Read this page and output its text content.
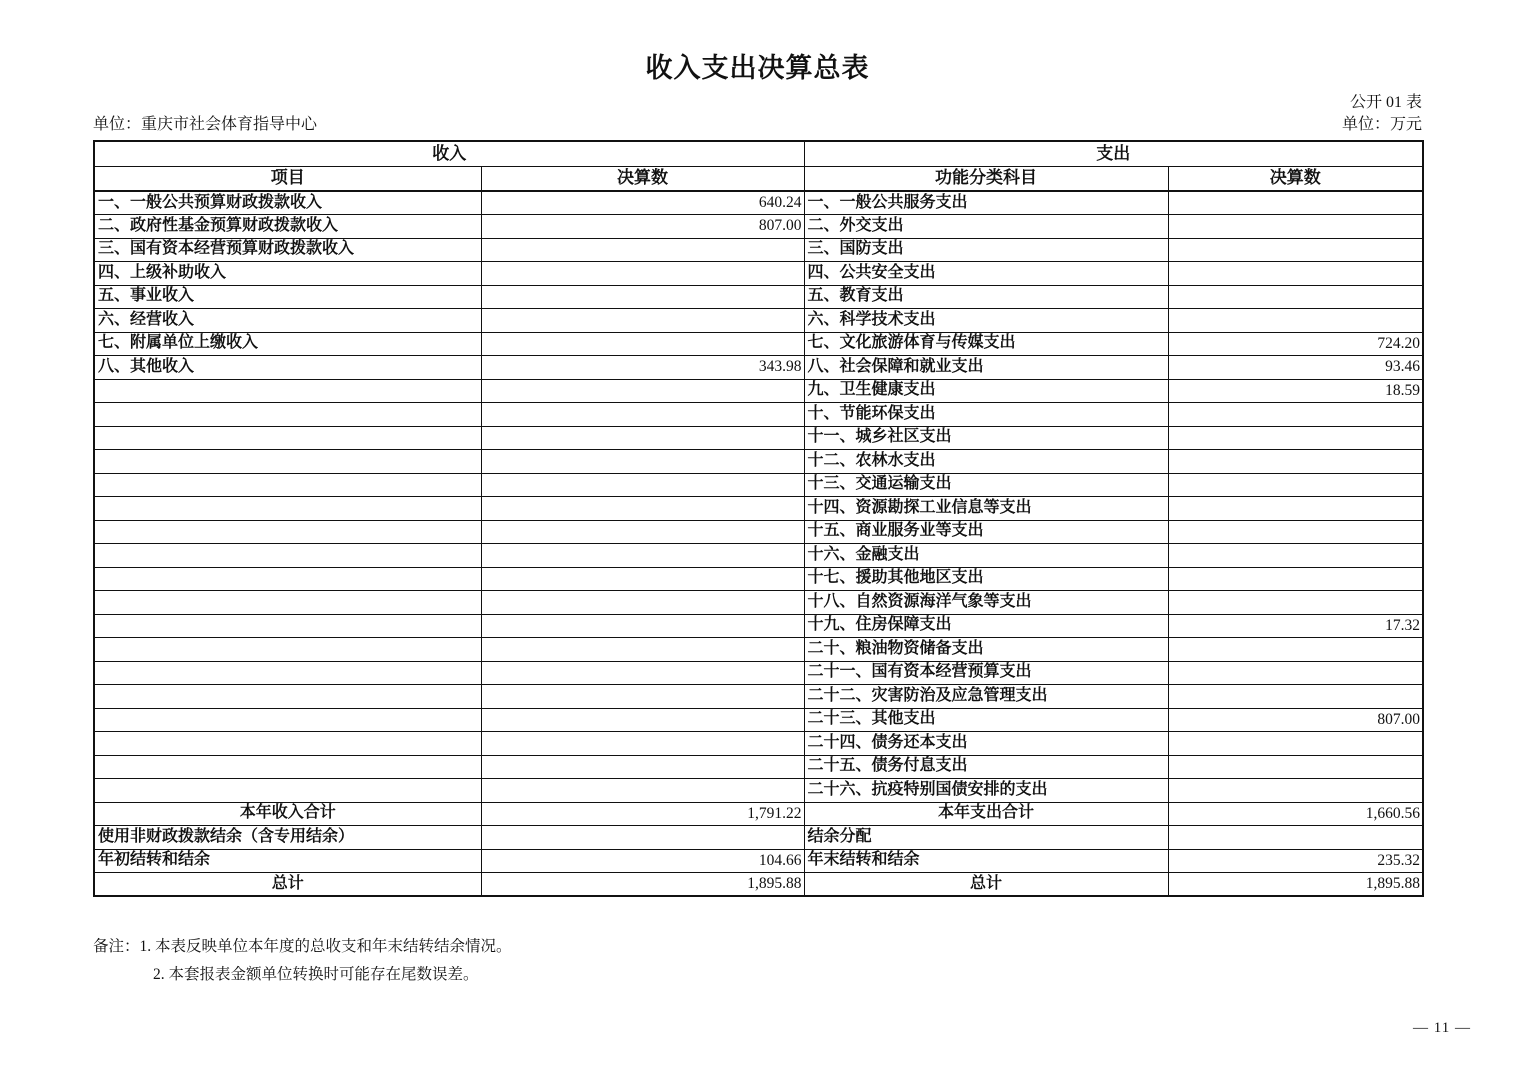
收入支出决算总表
公开 01 表
单位：重庆市社会体育指导中心	单位：万元
收入		支出	
项目	决算数	功能分类科目	决算数
一、一般公共预算财政拨款收入	640.24	一、一般公共服务支出	
二、政府性基金预算财政拨款收入	807.00	二、外交支出	
三、国有资本经营预算财政拨款收入		三、国防支出	
四、上级补助收入		四、公共安全支出	
五、事业收入		五、教育支出	
六、经营收入		六、科学技术支出	
七、附属单位上缴收入		七、文化旅游体育与传媒支出	724.20
八、其他收入	343.98	八、社会保障和就业支出	93.46
		九、卫生健康支出	18.59
		十、节能环保支出	
		十一、城乡社区支出	
		十二、农林水支出	
		十三、交通运输支出	
		十四、资源勘探工业信息等支出	
		十五、商业服务业等支出	
		十六、金融支出	
		十七、援助其他地区支出	
		十八、自然资源海洋气象等支出	
		十九、住房保障支出	17.32
		二十、粮油物资储备支出	
		二十一、国有资本经营预算支出	
		二十二、灾害防治及应急管理支出	
		二十三、其他支出	807.00
		二十四、债务还本支出	
		二十五、债务付息支出	
		二十六、抗疫特别国债安排的支出	
本年收入合计	1,791.22	本年支出合计	1,660.56
使用非财政拨款结余（含专用结余）		结余分配	
年初结转和结余	104.66	年末结转和结余	235.32
总计	1,895.88	总计	1,895.88
备注：1. 本表反映单位本年度的总收支和年末结转结余情况。
2. 本套报表金额单位转换时可能存在尾数误差。
— 11 —
